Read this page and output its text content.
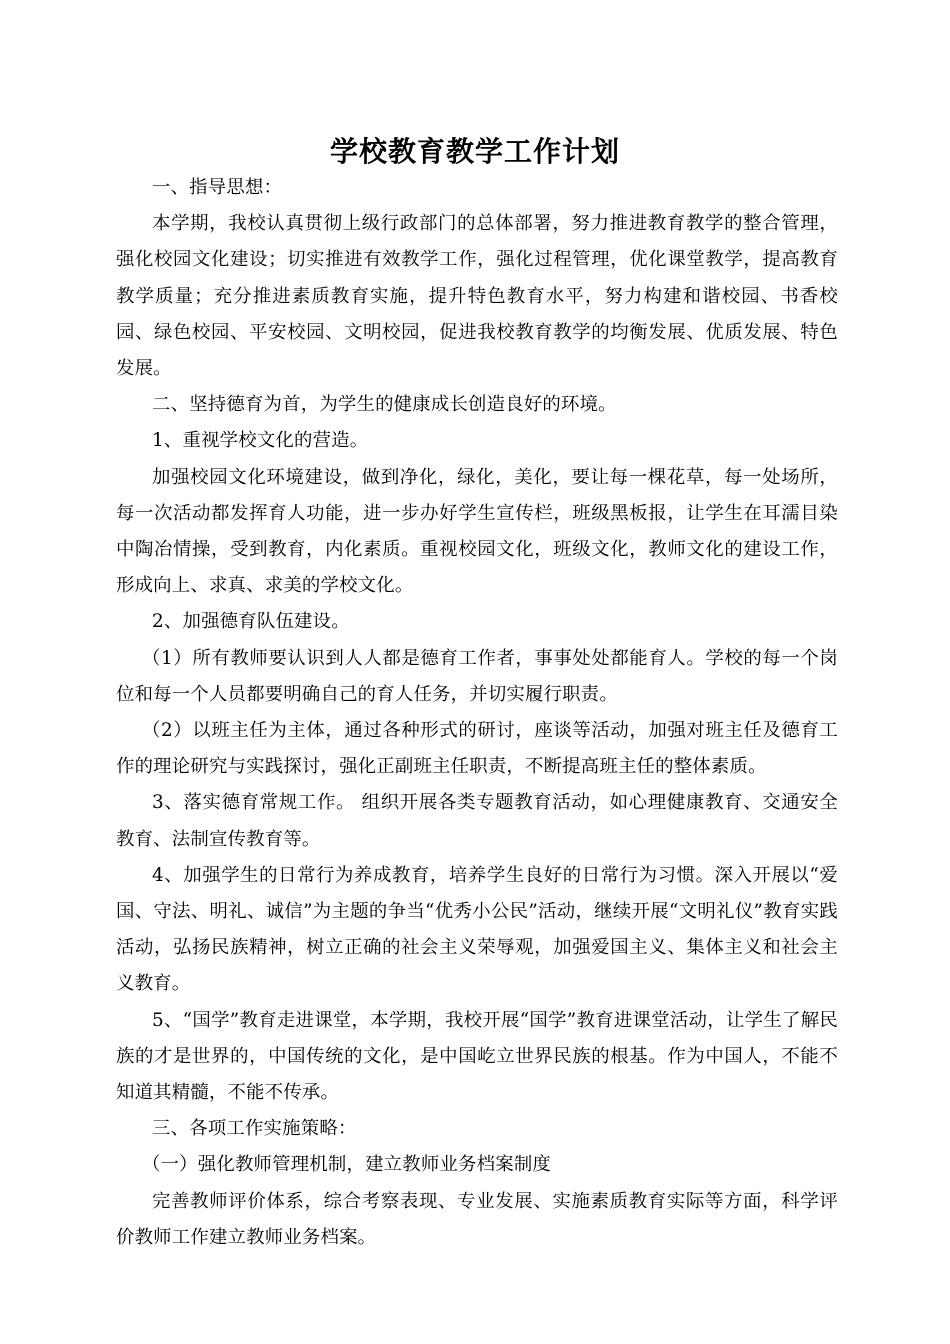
学校教育教学工作计划

一、指导思想：

本学期，我校认真贯彻上级行政部门的总体部署，努力推进教育教学的整合管理，强化校园文化建设；切实推进有效教学工作，强化过程管理，优化课堂教学，提高教育教学质量；充分推进素质教育实施，提升特色教育水平，努力构建和谐校园、书香校园、绿色校园、平安校园、文明校园，促进我校教育教学的均衡发展、优质发展、特色发展。

二、坚持德育为首，为学生的健康成长创造良好的环境。

1、重视学校文化的营造。

加强校园文化环境建设，做到净化，绿化，美化，要让每一棵花草，每一处场所，每一次活动都发挥育人功能，进一步办好学生宣传栏，班级黑板报，让学生在耳濡目染中陶冶情操，受到教育，内化素质。重视校园文化，班级文化，教师文化的建设工作，形成向上、求真、求美的学校文化。

2、加强德育队伍建设。

（1）所有教师要认识到人人都是德育工作者，事事处处都能育人。学校的每一个岗位和每一个人员都要明确自己的育人任务，并切实履行职责。

（2）以班主任为主体，通过各种形式的研讨，座谈等活动，加强对班主任及德育工作的理论研究与实践探讨，强化正副班主任职责，不断提高班主任的整体素质。

3、落实德育常规工作。 组织开展各类专题教育活动，如心理健康教育、交通安全教育、法制宣传教育等。

4、加强学生的日常行为养成教育，培养学生良好的日常行为习惯。深入开展以“爱国、守法、明礼、诚信”为主题的争当“优秀小公民”活动，继续开展“文明礼仪”教育实践活动，弘扬民族精神，树立正确的社会主义荣辱观，加强爱国主义、集体主义和社会主义教育。

5、“国学”教育走进课堂，本学期，我校开展“国学”教育进课堂活动，让学生了解民族的才是世界的，中国传统的文化，是中国屹立世界民族的根基。作为中国人，不能不知道其精髓，不能不传承。

三、各项工作实施策略：

（一）强化教师管理机制，建立教师业务档案制度

完善教师评价体系，综合考察表现、专业发展、实施素质教育实际等方面，科学评价教师工作建立教师业务档案。
